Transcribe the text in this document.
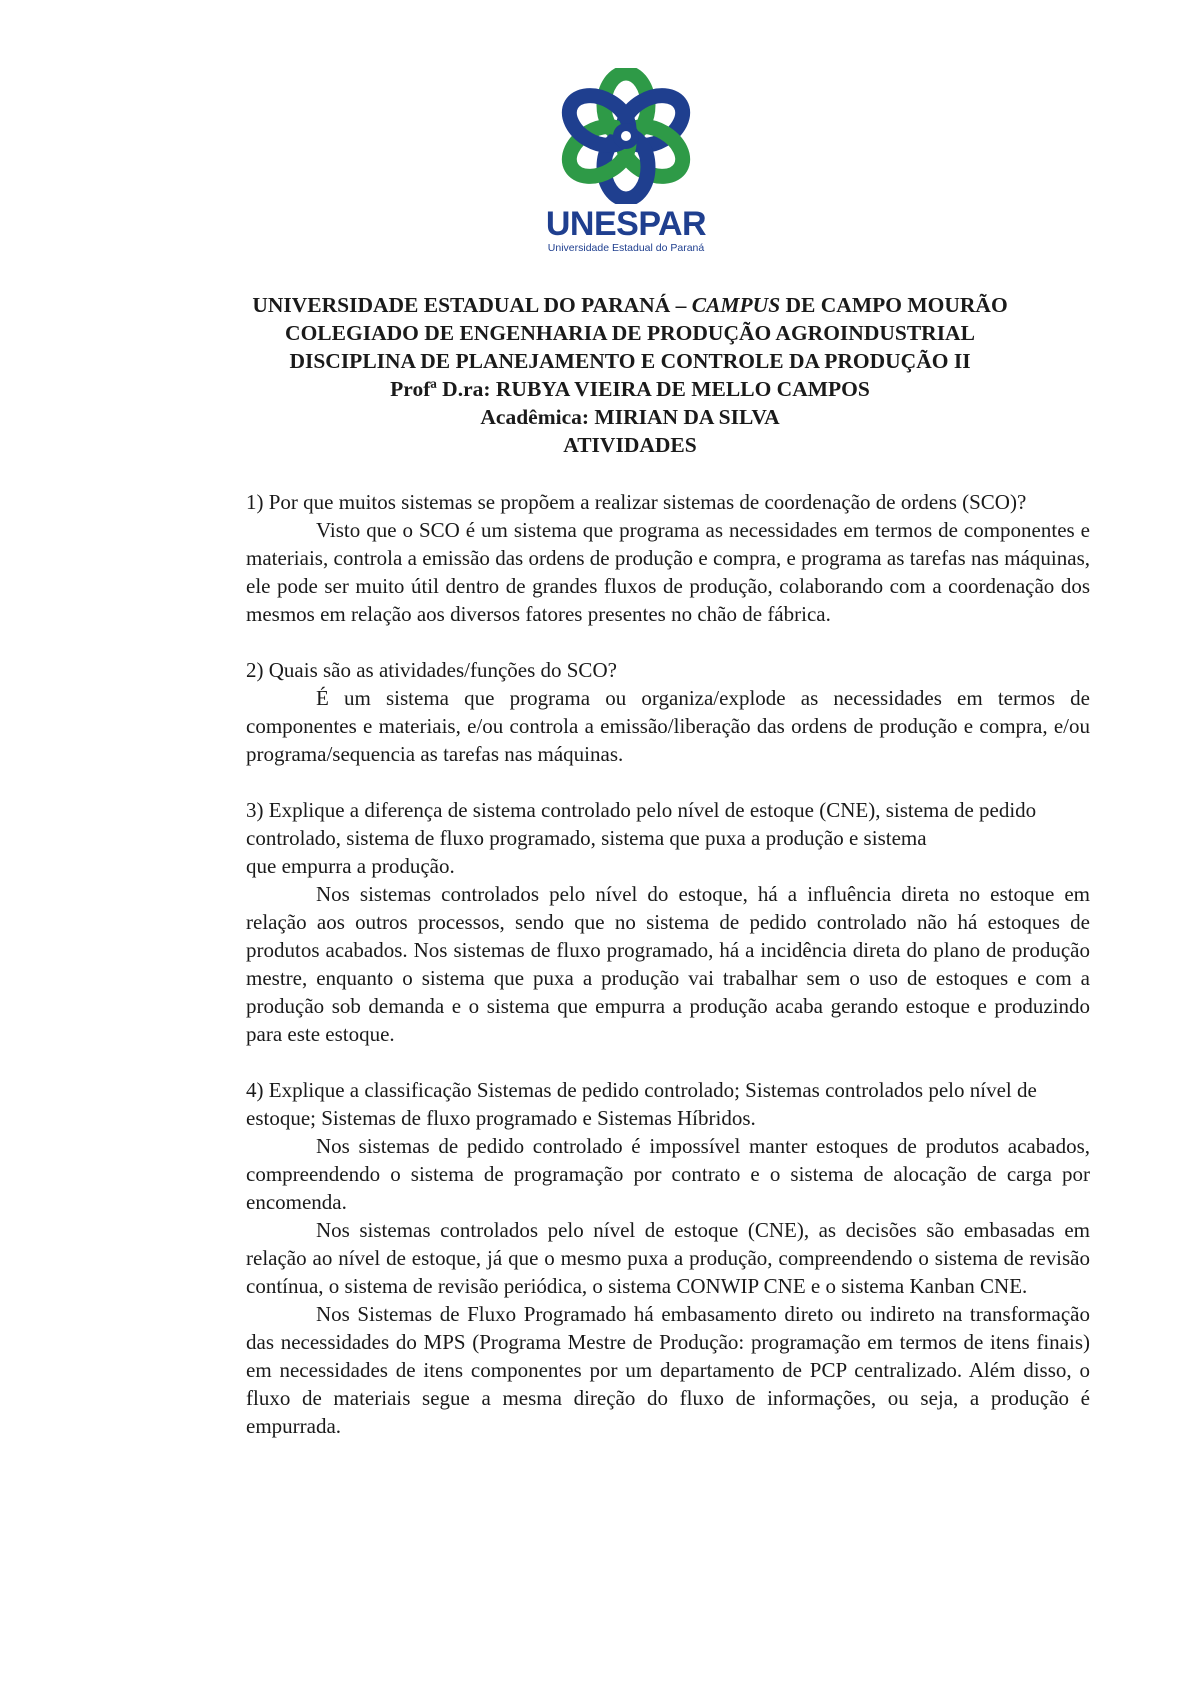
UNESPAR
Universidade Estadual do Paraná
UNIVERSIDADE ESTADUAL DO PARANÁ – CAMPUS DE CAMPO MOURÃO
COLEGIADO DE ENGENHARIA DE PRODUÇÃO AGROINDUSTRIAL
DISCIPLINA DE PLANEJAMENTO E CONTROLE DA PRODUÇÃO II
Profª D.ra: RUBYA VIEIRA DE MELLO CAMPOS
Acadêmica: MIRIAN DA SILVA
ATIVIDADES

1) Por que muitos sistemas se propõem a realizar sistemas de coordenação de ordens (SCO)?

Visto que o SCO é um sistema que programa as necessidades em termos de componentes e materiais, controla a emissão das ordens de produção e compra, e programa as tarefas nas máquinas, ele pode ser muito útil dentro de grandes fluxos de produção, colaborando com a coordenação dos mesmos em relação aos diversos fatores presentes no chão de fábrica.

2) Quais são as atividades/funções do SCO?

É um sistema que programa ou organiza/explode as necessidades em termos de componentes e materiais, e/ou controla a emissão/liberação das ordens de produção e compra, e/ou programa/sequencia as tarefas nas máquinas.

3) Explique a diferença de sistema controlado pelo nível de estoque (CNE), sistema de pedido controlado, sistema de fluxo programado, sistema que puxa a produção e sistema

que empurra a produção.

Nos sistemas controlados pelo nível do estoque, há a influência direta no estoque em relação aos outros processos, sendo que no sistema de pedido controlado não há estoques de produtos acabados. Nos sistemas de fluxo programado, há a incidência direta do plano de produção mestre, enquanto o sistema que puxa a produção vai trabalhar sem o uso de estoques e com a produção sob demanda e o sistema que empurra a produção acaba gerando estoque e produzindo para este estoque.

4) Explique a classificação Sistemas de pedido controlado; Sistemas controlados pelo nível de estoque; Sistemas de fluxo programado e Sistemas Híbridos.

Nos sistemas de pedido controlado é impossível manter estoques de produtos acabados, compreendendo o sistema de programação por contrato e o sistema de alocação de carga por encomenda.

Nos sistemas controlados pelo nível de estoque (CNE), as decisões são embasadas em relação ao nível de estoque, já que o mesmo puxa a produção, compreendendo o sistema de revisão contínua, o sistema de revisão periódica, o sistema CONWIP CNE e o sistema Kanban CNE.

Nos Sistemas de Fluxo Programado há embasamento direto ou indireto na transformação das necessidades do MPS (Programa Mestre de Produção: programação em termos de itens finais) em necessidades de itens componentes por um departamento de PCP centralizado. Além disso, o fluxo de materiais segue a mesma direção do fluxo de informações, ou seja, a produção é empurrada.
